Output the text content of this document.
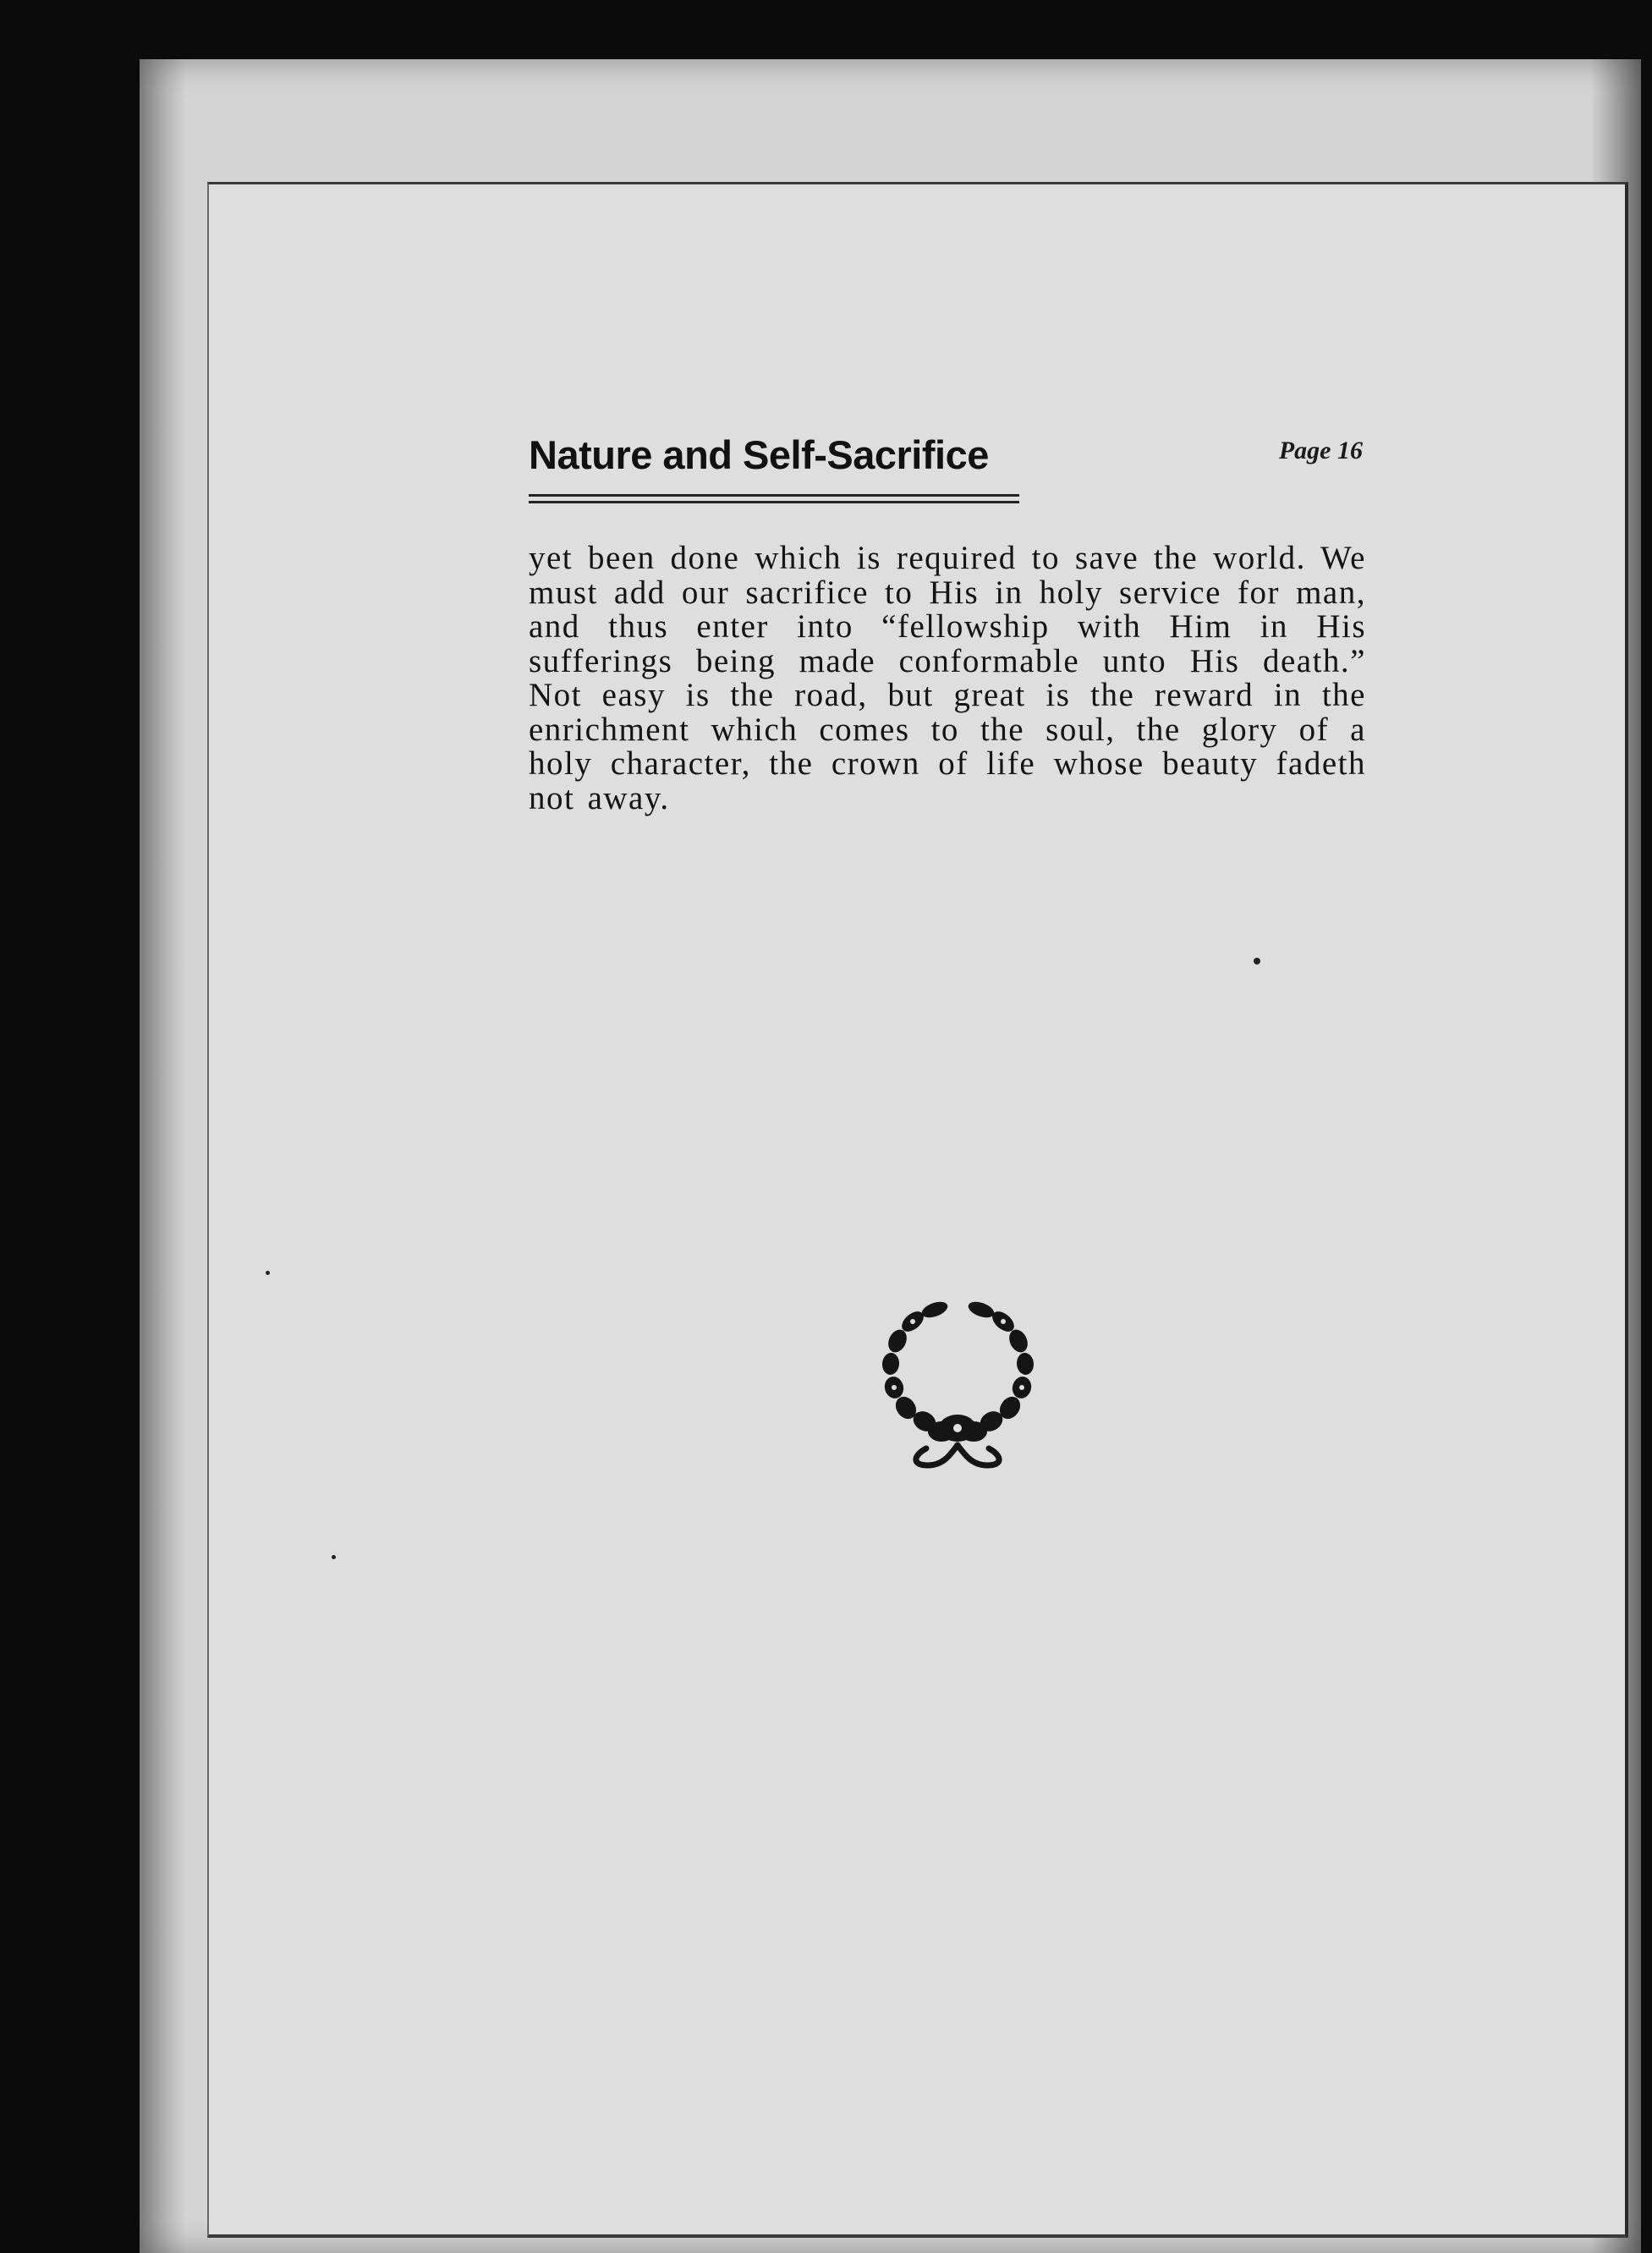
Nature and Self-Sacrifice	Page 16
yet been done which is required to save the world. We must add our sacrifice to His in holy service for man, and thus enter into “fellowship with Him in His sufferings being made conformable unto His death.” Not easy is the road, but great is the reward in the enrichment which comes to the soul, the glory of a holy character, the crown of life whose beauty fadeth not away.
